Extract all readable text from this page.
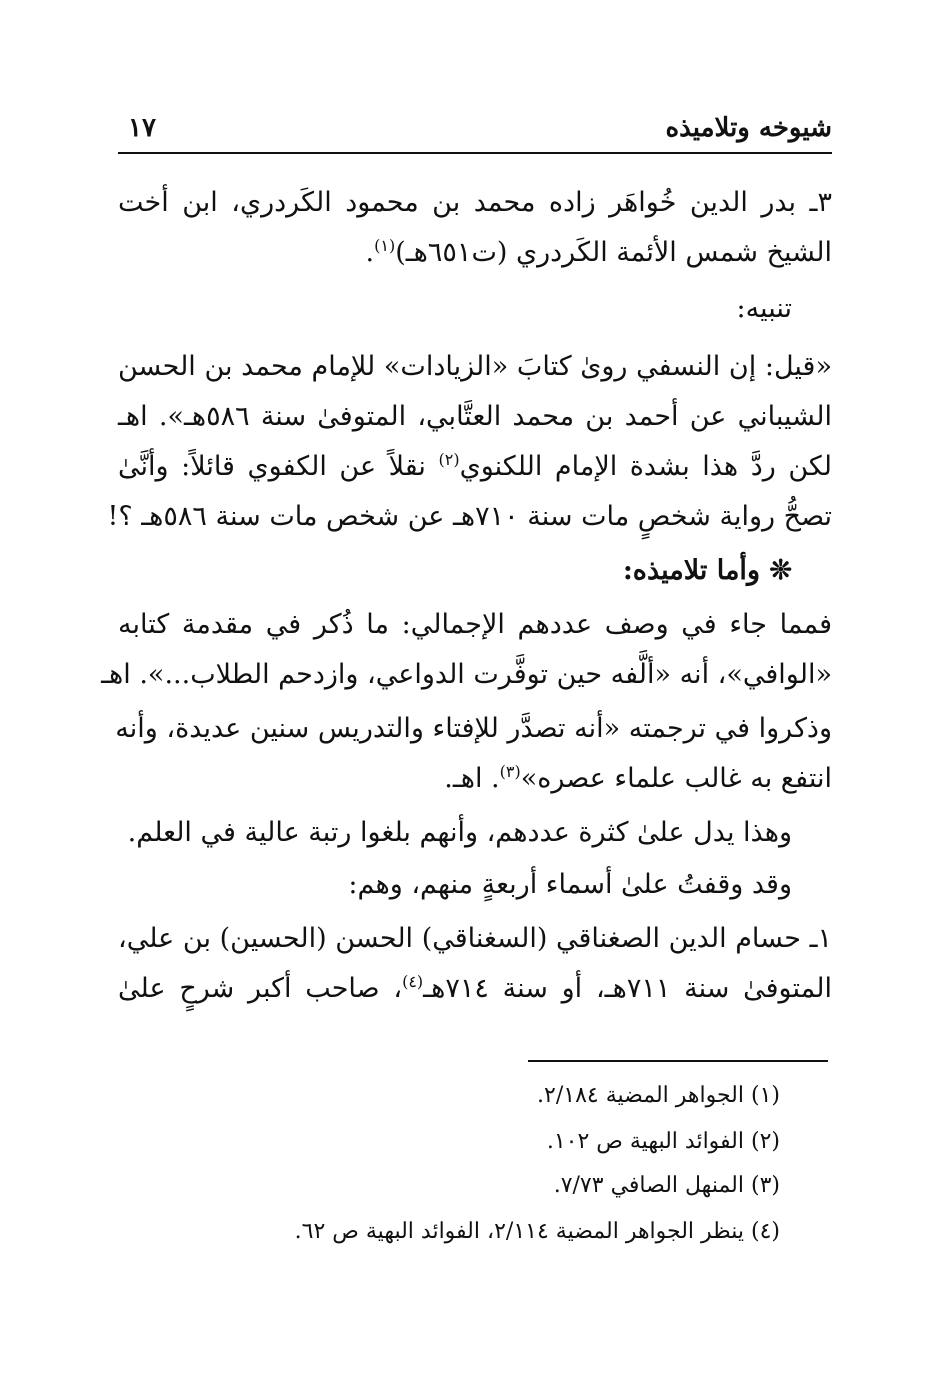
شيوخه وتلاميذه
١٧
٣ـ بدر الدين خُواهَر زاده محمد بن محمود الكَردري، ابن أخت
الشيخ شمس الأئمة الكَردري (ت٦٥١هـ)$^{(١)}$.
تنبيه:
«قيل: إن النسفي رویٰ كتابَ «الزيادات» للإمام محمد بن الحسن
الشيباني عن أحمد بن محمد العتَّابي، المتوفىٰ سنة ٥٨٦هـ». اهـ
لكن ردَّ هذا بشدة الإمام اللكنوي$^{(٢)}$ نقلاً عن الكفوي قائلاً: وأنَّىٰ
تصحُّ رواية شخصٍ مات سنة ٧١٠هـ عن شخص مات سنة ٥٨٦هـ ؟!
❊ وأما تلاميذه:
فمما جاء في وصف عددهم الإجمالي: ما ذُكر في مقدمة كتابه
«الوافي»، أنه «ألَّفه حين توفَّرت الدواعي، وازدحم الطلاب...». اهـ
وذكروا في ترجمته «أنه تصدَّر للإفتاء والتدريس سنين عديدة، وأنه
انتفع به غالب علماء عصره»$^{(٣)}$. اهـ.
وهذا يدل علىٰ كثرة عددهم، وأنهم بلغوا رتبة عالية في العلم.
وقد وقفتُ علىٰ أسماء أربعةٍ منهم، وهم:
١ـ حسام الدين الصغناقي (السغناقي) الحسن (الحسين) بن علي،
المتوفىٰ سنة ٧١١هـ، أو سنة ٧١٤هـ$^{(٤)}$، صاحب أكبر شرحٍ علىٰ
(١) الجواهر المضية ٢/١٨٤.
(٢) الفوائد البهية ص ١٠٢.
(٣) المنهل الصافي ٧/٧٣.
(٤) ينظر الجواهر المضية ٢/١١٤، الفوائد البهية ص ٦٢.
